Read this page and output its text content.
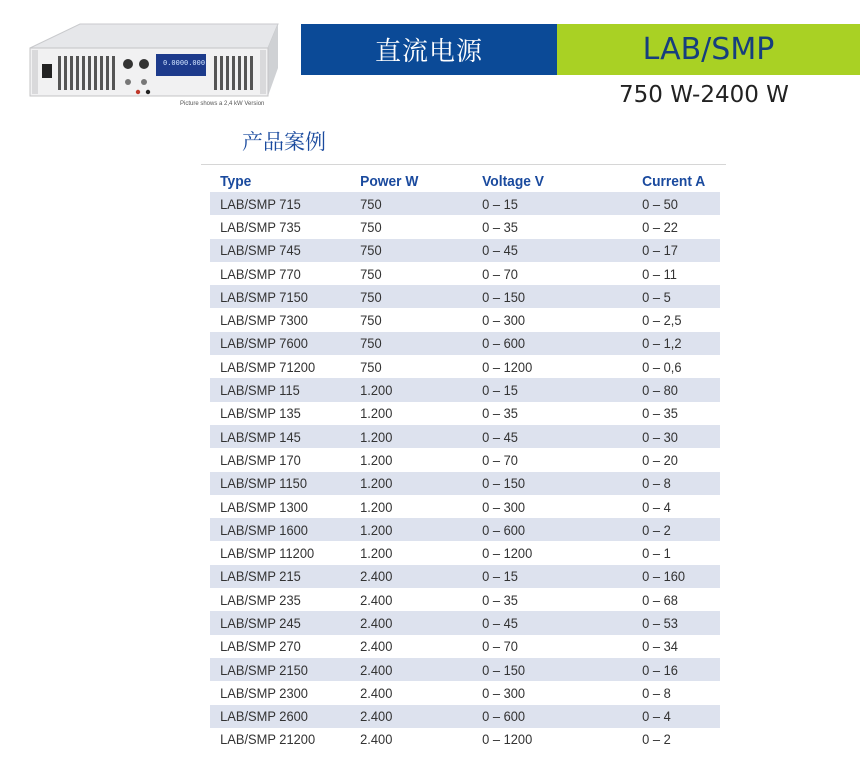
0.000 0.000
Picture shows a 2,4 kW Version
直流电源	LAB/SMP
750 W-2400 W
产品案例
Type	Power W	Voltage V	Current A
LAB/SMP 715	750	0 – 15	0 – 50
LAB/SMP 735	750	0 – 35	0 – 22
LAB/SMP 745	750	0 – 45	0 – 17
LAB/SMP 770	750	0 – 70	0 – 11
LAB/SMP 7150	750	0 – 150	0 – 5
LAB/SMP 7300	750	0 – 300	0 – 2,5
LAB/SMP 7600	750	0 – 600	0 – 1,2
LAB/SMP 71200	750	0 – 1200	0 – 0,6
LAB/SMP 115	1.200	0 – 15	0 – 80
LAB/SMP 135	1.200	0 – 35	0 – 35
LAB/SMP 145	1.200	0 – 45	0 – 30
LAB/SMP 170	1.200	0 – 70	0 – 20
LAB/SMP 1150	1.200	0 – 150	0 – 8
LAB/SMP 1300	1.200	0 – 300	0 – 4
LAB/SMP 1600	1.200	0 – 600	0 – 2
LAB/SMP 11200	1.200	0 – 1200	0 – 1
LAB/SMP 215	2.400	0 – 15	0 – 160
LAB/SMP 235	2.400	0 – 35	0 – 68
LAB/SMP 245	2.400	0 – 45	0 – 53
LAB/SMP 270	2.400	0 – 70	0 – 34
LAB/SMP 2150	2.400	0 – 150	0 – 16
LAB/SMP 2300	2.400	0 – 300	0 – 8
LAB/SMP 2600	2.400	0 – 600	0 – 4
LAB/SMP 21200	2.400	0 – 1200	0 – 2
